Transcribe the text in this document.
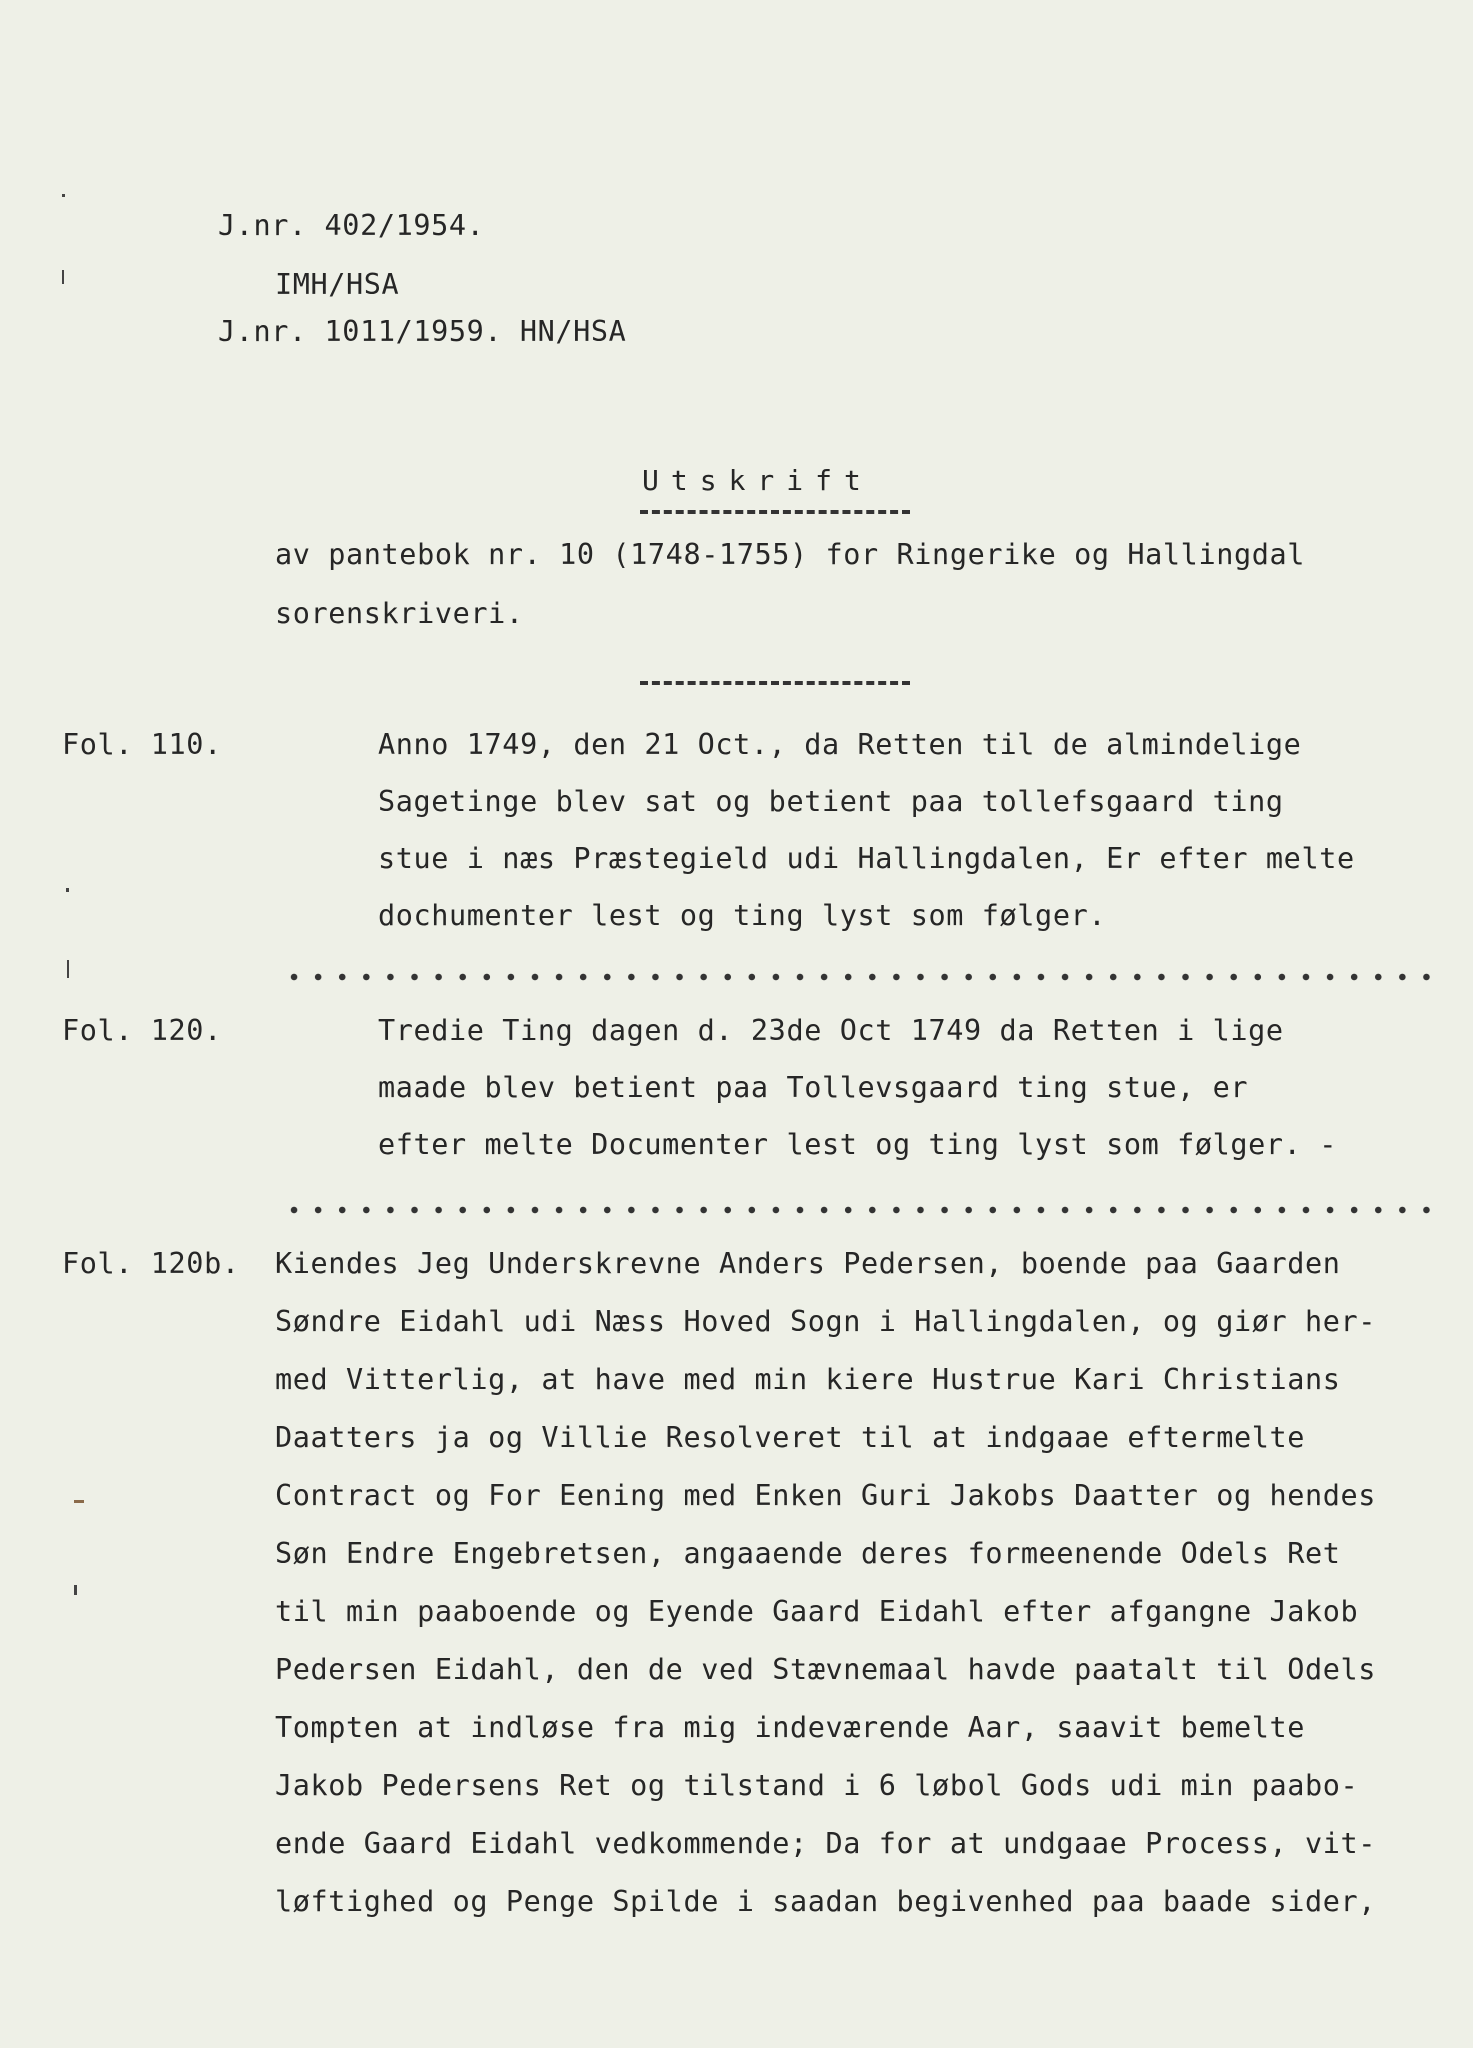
J.nr. 402/1954.
IMH/HSA
J.nr. 1011/1959. HN/HSA
Utskrift
av pantebok nr. 10 (1748-1755) for Ringerike og Hallingdal
sorenskriveri.
Fol. 110.	Anno 1749, den 21 Oct., da Retten til de almindelige
Sagetinge blev sat og betient paa tollefsgaard ting
stue i næs Præstegield udi Hallingdalen, Er efter melte
dochumenter lest og ting lyst som følger.
Fol. 120.	Tredie Ting dagen d. 23de Oct 1749 da Retten i lige
maade blev betient paa Tollevsgaard ting stue, er
efter melte Documenter lest og ting lyst som følger. -
Fol. 120b. Kiendes Jeg Underskrevne Anders Pedersen, boende paa Gaarden
Søndre Eidahl udi Næss Hoved Sogn i Hallingdalen, og giør her-
med Vitterlig, at have med min kiere Hustrue Kari Christians
Daatters ja og Villie Resolveret til at indgaae eftermelte
Contract og For Eening med Enken Guri Jakobs Daatter og hendes
Søn Endre Engebretsen, angaaende deres formeenende Odels Ret
til min paaboende og Eyende Gaard Eidahl efter afgangne Jakob
Pedersen Eidahl, den de ved Stævnemaal havde paatalt til Odels
Tompten at indløse fra mig indeværende Aar, saavit bemelte
Jakob Pedersens Ret og tilstand i 6 løbol Gods udi min paabo-
ende Gaard Eidahl vedkommende; Da for at undgaae Process, vit-
løftighed og Penge Spilde i saadan begivenhed paa baade sider,
